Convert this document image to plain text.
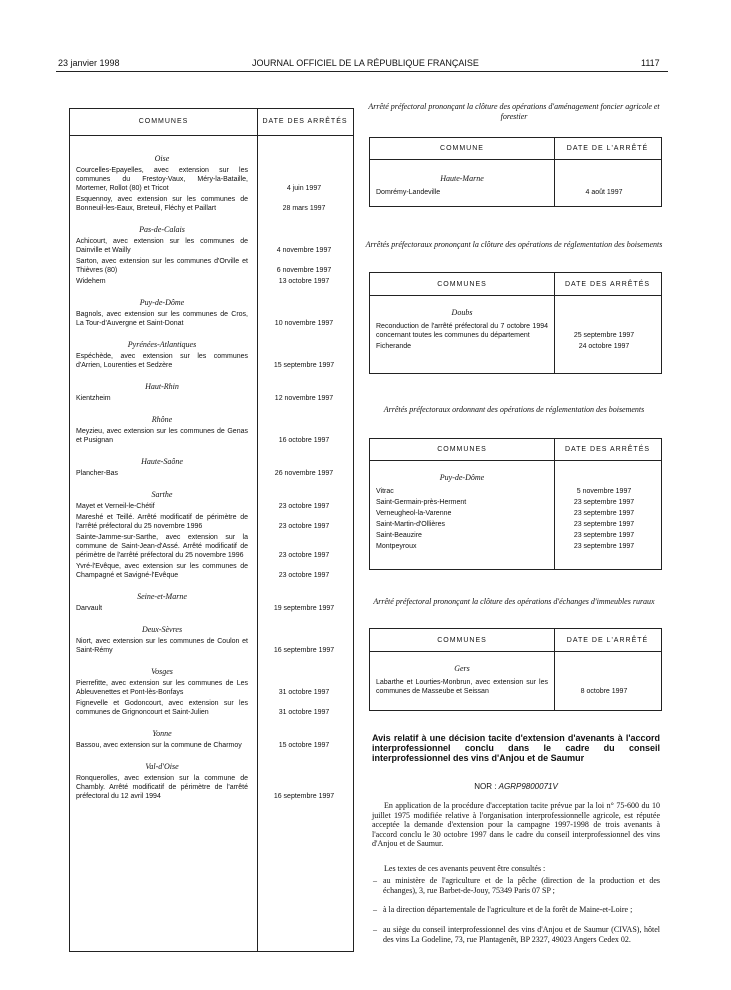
23 janvier 1998	JOURNAL OFFICIEL DE LA RÉPUBLIQUE FRANÇAISE	1117
COMMUNES	DATE DES ARRÊTÉS
Oise
Courcelles-Epayelles, avec extension sur les communes du Frestoy-Vaux, Méry-la-Bataille, Mortemer, Rollot (80) et Tricot	4 juin 1997
Esquennoy, avec extension sur les communes de Bonneuil-les-Eaux, Breteuil, Fléchy et Paillart	28 mars 1997
Pas-de-Calais
Achicourt, avec extension sur les communes de Dainville et Wailly	4 novembre 1997
Sarton, avec extension sur les communes d'Orville et Thièvres (80)	6 novembre 1997
Widehem	13 octobre 1997
Puy-de-Dôme
Bagnols, avec extension sur les communes de Cros, La Tour-d'Auvergne et Saint-Donat	10 novembre 1997
Pyrénées-Atlantiques
Espéchède, avec extension sur les communes d'Arrien, Lourenties et Sedzère	15 septembre 1997
Haut-Rhin
Kientzheim	12 novembre 1997
Rhône
Meyzieu, avec extension sur les communes de Genas et Pusignan	16 octobre 1997
Haute-Saône
Plancher-Bas	26 novembre 1997
Sarthe
Mayet et Verneil-le-Chétif	23 octobre 1997
Mareshé et Teillé. Arrêté modificatif de périmètre de l'arrêté préfectoral du 25 novembre 1996	23 octobre 1997
Sainte-Jamme-sur-Sarthe, avec extension sur la commune de Saint-Jean-d'Assé. Arrêté modificatif de périmètre de l'arrêté préfectoral du 25 novembre 1996	23 octobre 1997
Yvré-l'Evêque, avec extension sur les communes de Champagné et Savigné-l'Evêque	23 octobre 1997
Seine-et-Marne
Darvault	19 septembre 1997
Deux-Sèvres
Niort, avec extension sur les communes de Coulon et Saint-Rémy	16 septembre 1997
Vosges
Pierrefitte, avec extension sur les communes de Les Ableuvenettes et Pont-lès-Bonfays	31 octobre 1997
Fignevelle et Godoncourt, avec extension sur les communes de Grignoncourt et Saint-Julien	31 octobre 1997
Yonne
Bassou, avec extension sur la commune de Charmoy	15 octobre 1997
Val-d'Oise
Ronquerolles, avec extension sur la commune de Chambly. Arrêté modificatif de périmètre de l'arrêté préfectoral du 12 avril 1994	16 septembre 1997
Arrêté préfectoral prononçant la clôture des opérations d'aménagement foncier agricole et forestier
COMMUNE	DATE DE L'ARRÊTÉ
Haute-Marne
Domrémy-Landeville	4 août 1997
Arrêtés préfectoraux prononçant la clôture des opérations de réglementation des boisements
COMMUNES	DATE DES ARRÊTÉS
Doubs
Reconduction de l'arrêté préfectoral du 7 octobre 1994 concernant toutes les communes du département	25 septembre 1997
Ficherande	24 octobre 1997
Arrêtés préfectoraux ordonnant des opérations de réglementation des boisements
COMMUNES	DATE DES ARRÊTÉS
Puy-de-Dôme
Vitrac	5 novembre 1997
Saint-Germain-près-Herment	23 septembre 1997
Verneugheol-la-Varenne	23 septembre 1997
Saint-Martin-d'Ollières	23 septembre 1997
Saint-Beauzire	23 septembre 1997
Montpeyroux	23 septembre 1997
Arrêté préfectoral prononçant la clôture des opérations d'échanges d'immeubles ruraux
COMMUNES	DATE DE L'ARRÊTÉ
Gers
Labarthe et Lourties-Monbrun, avec extension sur les communes de Masseube et Seissan	8 octobre 1997
Avis relatif à une décision tacite d'extension d'avenants à l'accord interprofessionnel conclu dans le cadre du conseil interprofessionnel des vins d'Anjou et de Saumur
NOR : AGRP9800071V
En application de la procédure d'acceptation tacite prévue par la loi n° 75-600 du 10 juillet 1975 modifiée relative à l'organisation interprofessionnelle agricole, est réputée acceptée la demande d'extension pour la campagne 1997-1998 de trois avenants à l'accord conclu le 30 octobre 1997 dans le cadre du conseil interprofessionnel des vins d'Anjou et de Saumur.
Les textes de ces avenants peuvent être consultés :
– au ministère de l'agriculture et de la pêche (direction de la production et des échanges), 3, rue Barbet-de-Jouy, 75349 Paris 07 SP ;
– à la direction départementale de l'agriculture et de la forêt de Maine-et-Loire ;
– au siège du conseil interprofessionnel des vins d'Anjou et de Saumur (CIVAS), hôtel des vins La Godeline, 73, rue Plantagenêt, BP 2327, 49023 Angers Cedex 02.
